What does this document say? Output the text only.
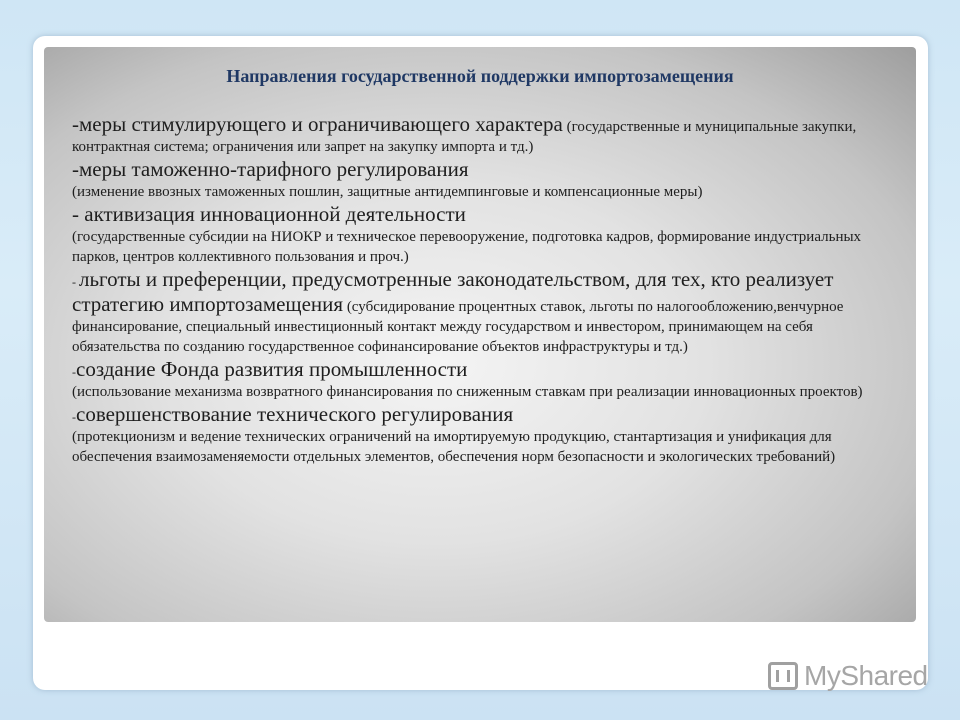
Направления государственной поддержки импортозамещения

-меры стимулирующего и ограничивающего характера (государственные и муниципальные закупки, контрактная система; ограничения или запрет на закупку импорта и тд.)

-меры таможенно-тарифного регулирования
(изменение ввозных таможенных пошлин, защитные антидемпинговые и компенсационные меры)

- активизация инновационной деятельности
(государственные субсидии на НИОКР и техническое перевооружение, подготовка кадров, формирование индустриальных парков, центров коллективного пользования и проч.)

- льготы и преференции, предусмотренные законодательством, для тех, кто реализует стратегию импортозамещения (субсидирование процентных ставок, льготы по налогообложению,венчурное финансирование, специальный инвестиционный контакт между государством и инвестором, принимающем на себя обязательства по созданию государственное софинансирование объектов инфраструктуры и тд.)

-создание Фонда развития промышленности
(использование механизма возвратного финансирования по сниженным ставкам при реализации инновационных проектов)

-совершенствование технического регулирования
(протекционизм и ведение технических ограничений на имортируемую продукцию, стантартизация и унификация для обеспечения взаимозаменяемости отдельных элементов, обеспечения норм безопасности и экологических требований)

MyShared
